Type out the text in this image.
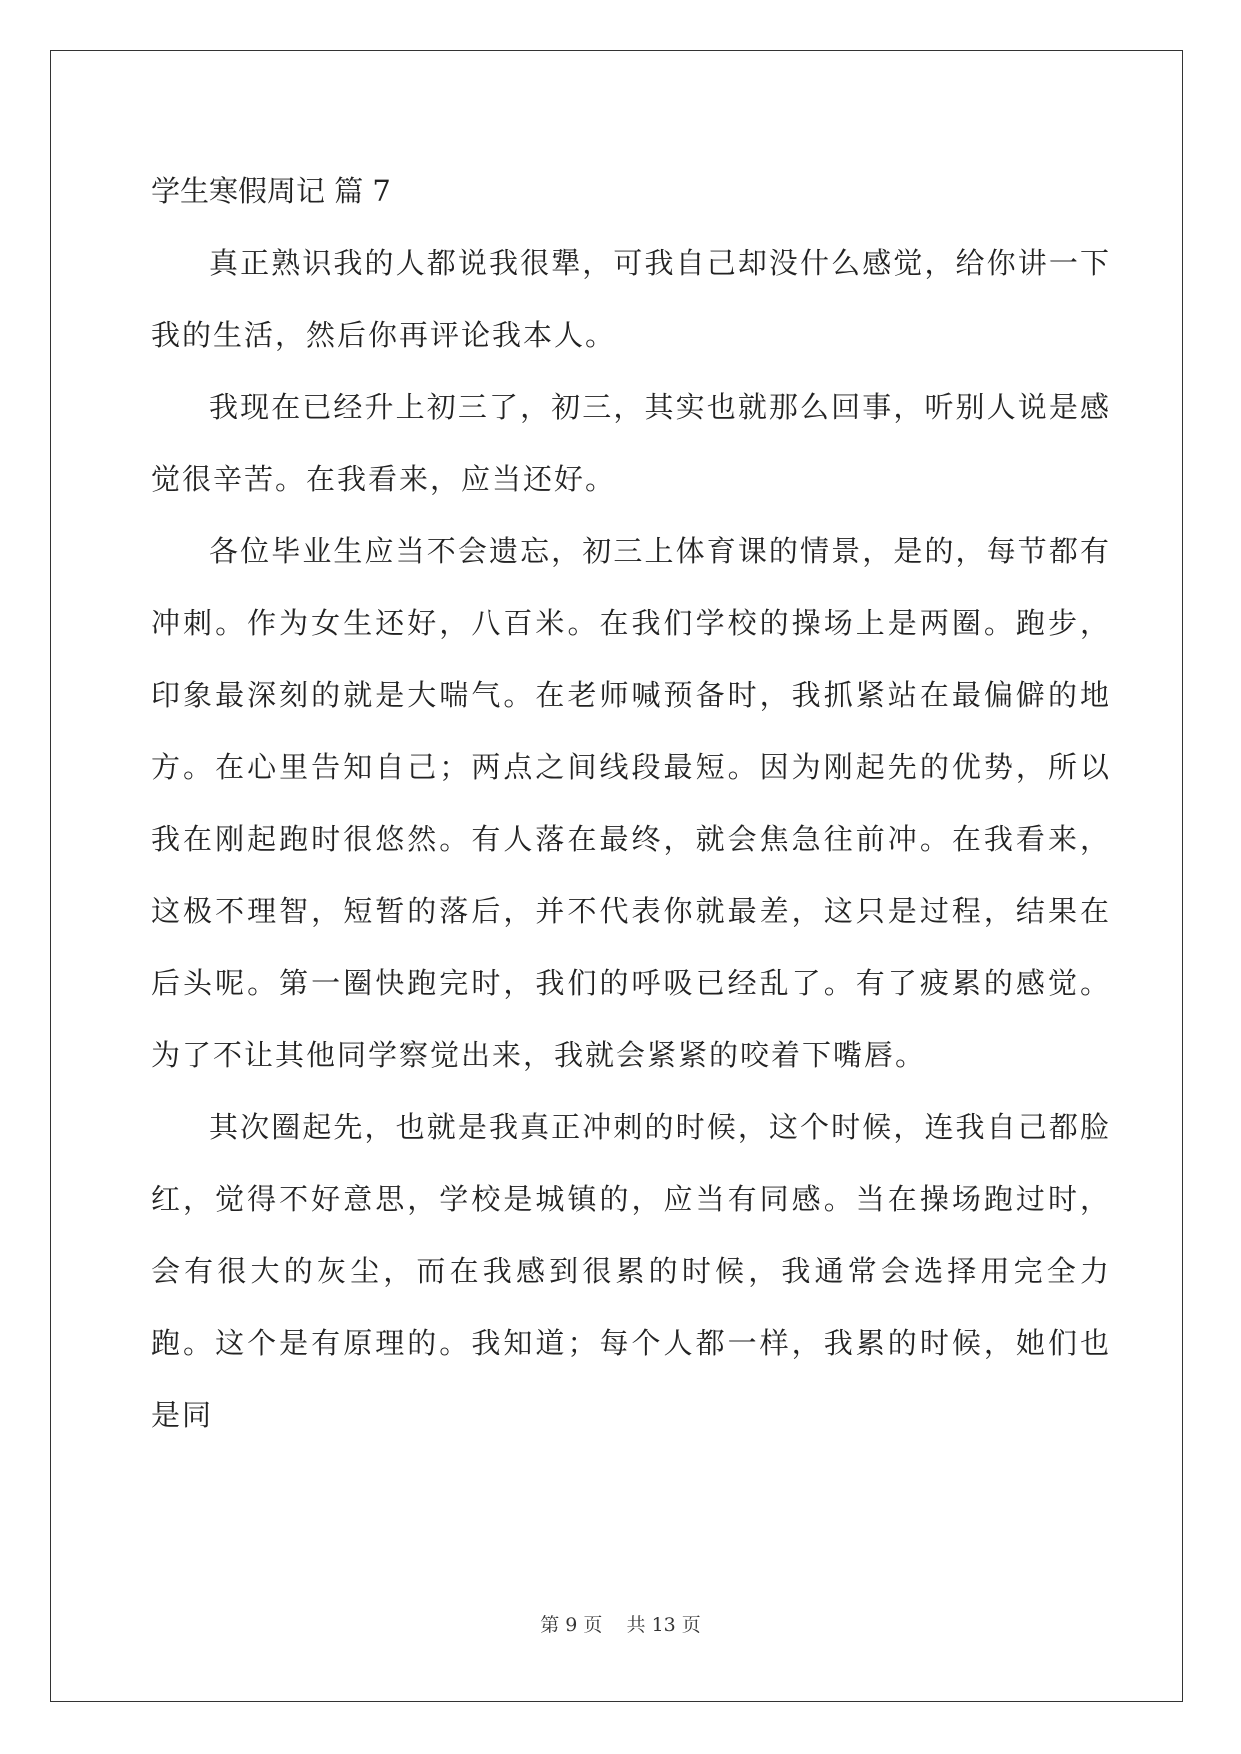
学生寒假周记 篇 7

真正熟识我的人都说我很犟，可我自己却没什么感觉，给你讲一下我的生活，然后你再评论我本人。

我现在已经升上初三了，初三，其实也就那么回事，听别人说是感觉很辛苦。在我看来，应当还好。

各位毕业生应当不会遗忘，初三上体育课的情景，是的，每节都有冲刺。作为女生还好，八百米。在我们学校的操场上是两圈。跑步，印象最深刻的就是大喘气。在老师喊预备时，我抓紧站在最偏僻的地方。在心里告知自己；两点之间线段最短。因为刚起先的优势，所以我在刚起跑时很悠然。有人落在最终，就会焦急往前冲。在我看来，这极不理智，短暂的落后，并不代表你就最差，这只是过程，结果在后头呢。第一圈快跑完时，我们的呼吸已经乱了。有了疲累的感觉。为了不让其他同学察觉出来，我就会紧紧的咬着下嘴唇。

其次圈起先，也就是我真正冲刺的时候，这个时候，连我自己都脸红，觉得不好意思，学校是城镇的，应当有同感。当在操场跑过时，会有很大的灰尘，而在我感到很累的时候，我通常会选择用完全力跑。这个是有原理的。我知道；每个人都一样，我累的时候，她们也是同

第 9 页    共 13 页
